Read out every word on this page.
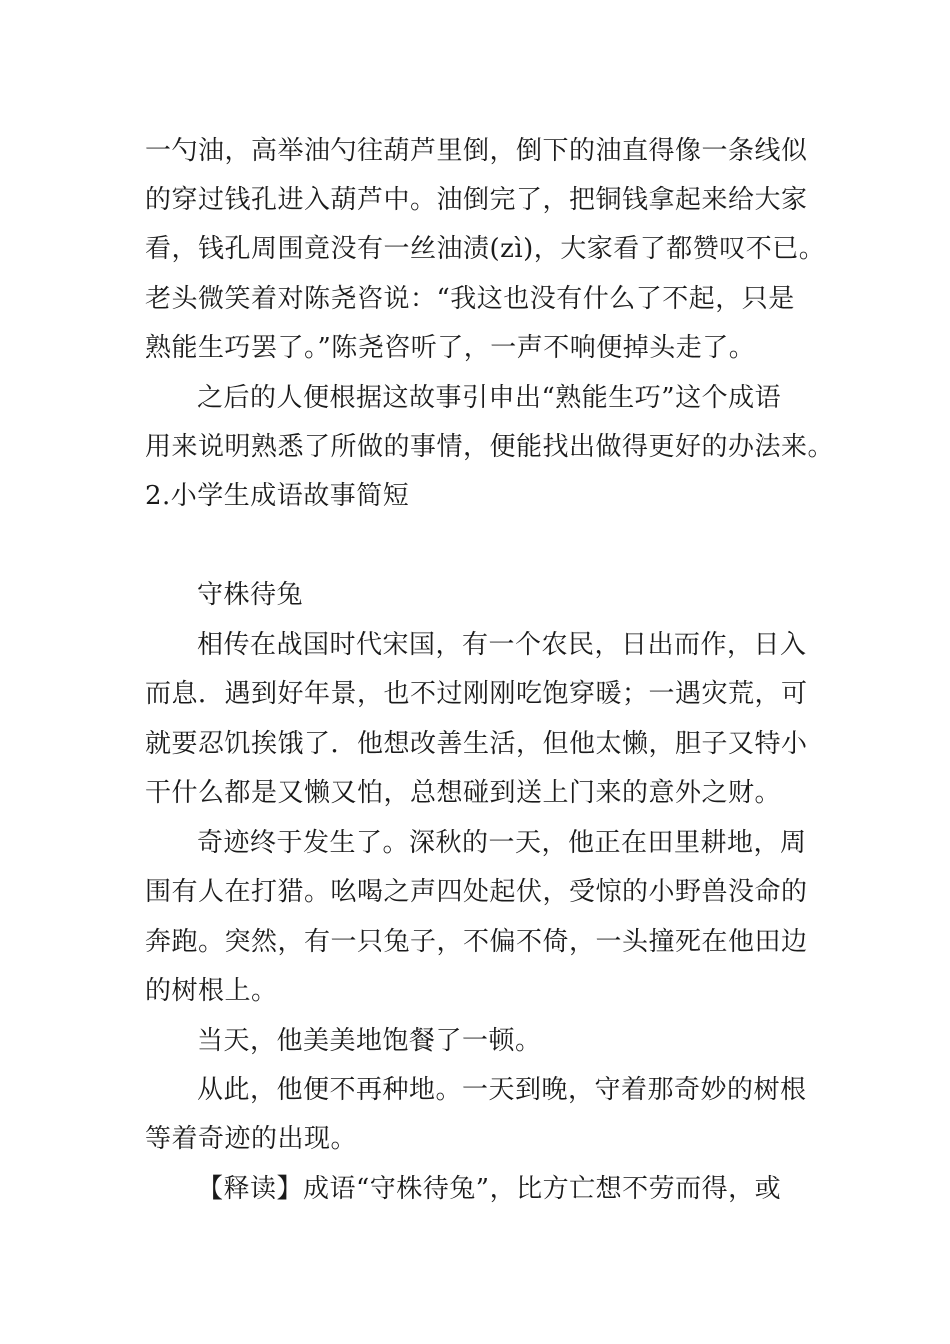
一勺油，高举油勺往葫芦里倒，倒下的油直得像一条线似

的穿过钱孔进入葫芦中。油倒完了，把铜钱拿起来给大家

看，钱孔周围竟没有一丝油渍(zì)，大家看了都赞叹不已。

老头微笑着对陈尧咨说：“我这也没有什么了不起，只是

熟能生巧罢了。”陈尧咨听了，一声不响便掉头走了。

之后的人便根据这故事引申出“熟能生巧”这个成语

用来说明熟悉了所做的事情，便能找出做得更好的办法来。

2.小学生成语故事简短

守株待兔

相传在战国时代宋国，有一个农民，日出而作，日入

而息．遇到好年景，也不过刚刚吃饱穿暖；一遇灾荒，可

就要忍饥挨饿了．他想改善生活，但他太懒，胆子又特小

干什么都是又懒又怕，总想碰到送上门来的意外之财。

奇迹终于发生了。深秋的一天，他正在田里耕地，周

围有人在打猎。吆喝之声四处起伏，受惊的小野兽没命的

奔跑。突然，有一只兔子，不偏不倚，一头撞死在他田边

的树根上。

当天，他美美地饱餐了一顿。

从此，他便不再种地。一天到晚，守着那奇妙的树根

等着奇迹的出现。

【释读】成语“守株待兔”，比方亡想不劳而得，或
